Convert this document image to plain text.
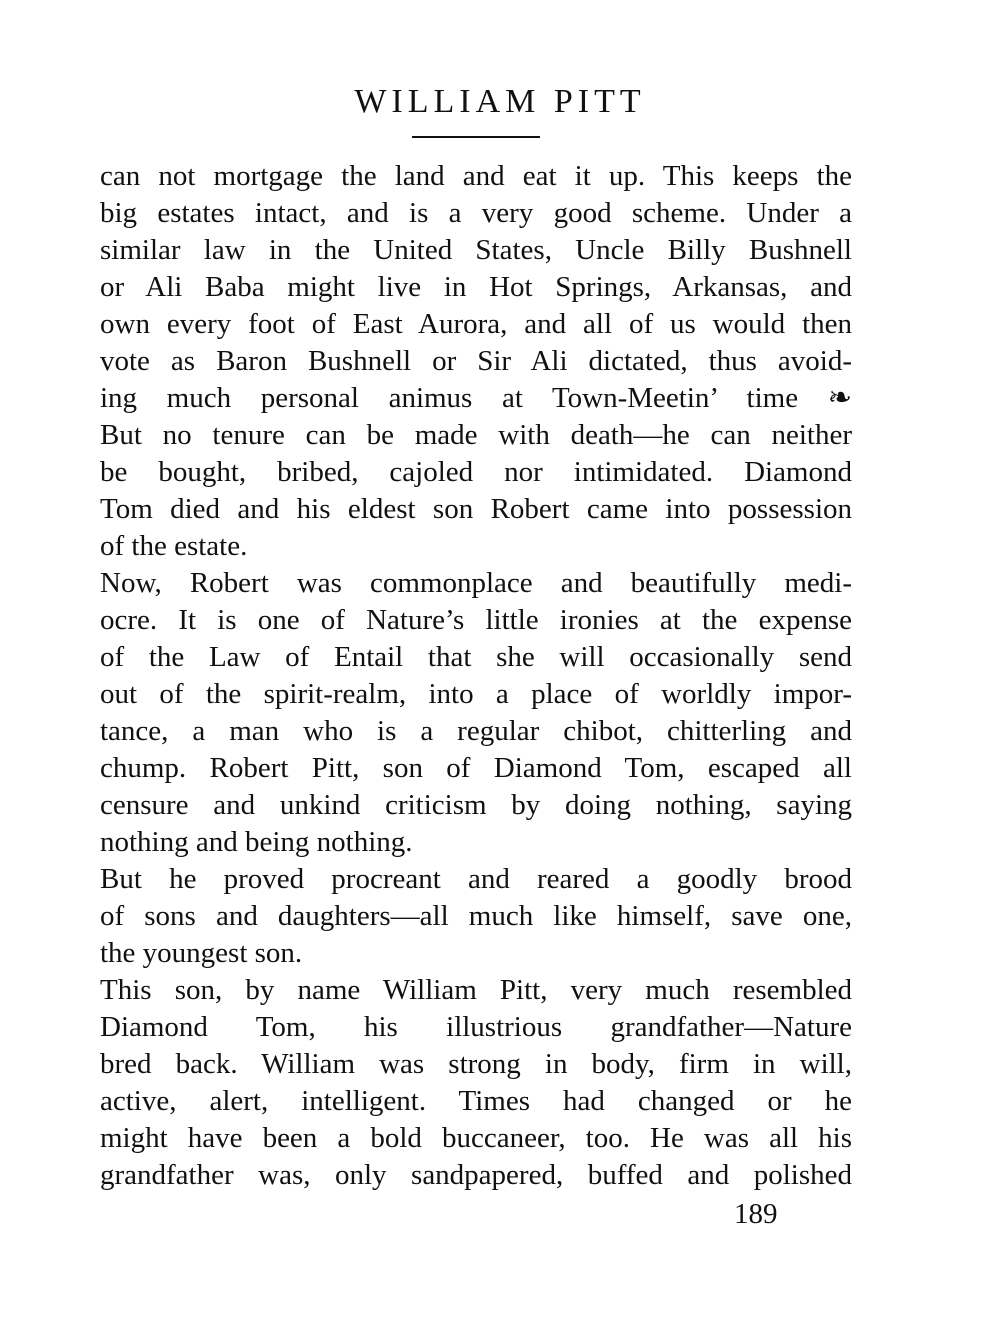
WILLIAM PITT
can not mortgage the land and eat it up. This keeps the
big estates intact, and is a very good scheme. Under a
similar law in the United States, Uncle Billy Bushnell
or Ali Baba might live in Hot Springs, Arkansas, and
own every foot of East Aurora, and all of us would then
vote as Baron Bushnell or Sir Ali dictated, thus avoid-
ing much personal animus at Town-Meetin’ time ❧
But no tenure can be made with death—he can neither
be bought, bribed, cajoled nor intimidated. Diamond
Tom died and his eldest son Robert came into possession
of the estate.
Now, Robert was commonplace and beautifully medi-
ocre. It is one of Nature’s little ironies at the expense
of the Law of Entail that she will occasionally send
out of the spirit-realm, into a place of worldly impor-
tance, a man who is a regular chibot, chitterling and
chump. Robert Pitt, son of Diamond Tom, escaped all
censure and unkind criticism by doing nothing, saying
nothing and being nothing.
But he proved procreant and reared a goodly brood
of sons and daughters—all much like himself, save one,
the youngest son.
This son, by name William Pitt, very much resembled
Diamond Tom, his illustrious grandfather—Nature
bred back. William was strong in body, firm in will,
active, alert, intelligent. Times had changed or he
might have been a bold buccaneer, too. He was all his
grandfather was, only sandpapered, buffed and polished
189
